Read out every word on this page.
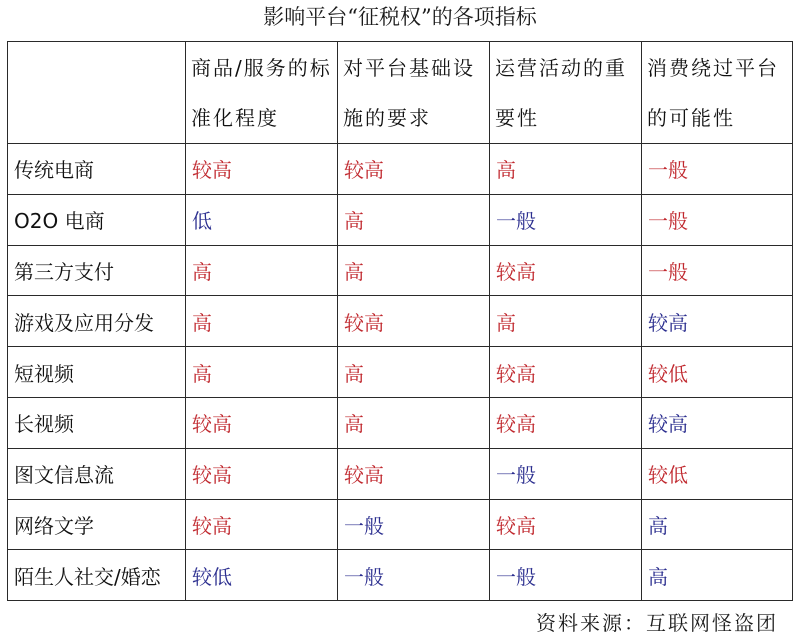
影响平台“征税权”的各项指标
	商品/服务的标准化程度	对平台基础设施的要求	运营活动的重要性	消费绕过平台的可能性
传统电商	较高	较高	高	一般
O2O 电商	低	高	一般	一般
第三方支付	高	高	较高	一般
游戏及应用分发	高	较高	高	较高
短视频	高	高	较高	较低
长视频	较高	高	较高	较高
图文信息流	较高	较高	一般	较低
网络文学	较高	一般	较高	高
陌生人社交/婚恋	较低	一般	一般	高
资料来源：互联网怪盗团
